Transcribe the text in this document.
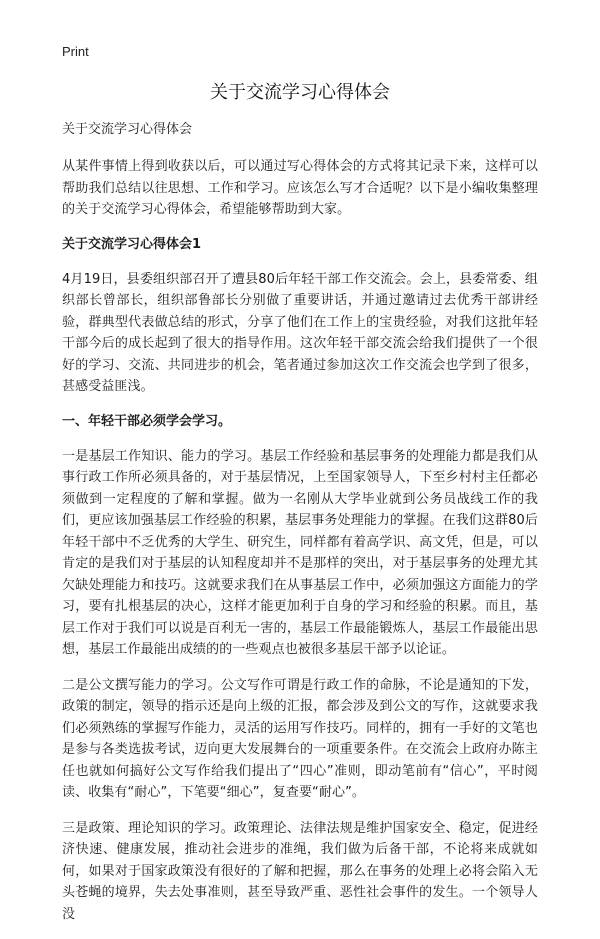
Print
关于交流学习心得体会
关于交流学习心得体会

从某件事情上得到收获以后，可以通过写心得体会的方式将其记录下来，这样可以帮助我们总结以往思想、工作和学习。应该怎么写才合适呢？以下是小编收集整理的关于交流学习心得体会，希望能够帮助到大家。

关于交流学习心得体会1

4月19日，县委组织部召开了遭县80后年轻干部工作交流会。会上，县委常委、组织部长曾部长，组织部鲁部长分别做了重要讲话，并通过邀请过去优秀干部讲经验，群典型代表做总结的形式，分享了他们在工作上的宝贵经验，对我们这批年轻干部今后的成长起到了很大的指导作用。这次年轻干部交流会给我们提供了一个很好的学习、交流、共同进步的机会，笔者通过参加这次工作交流会也学到了很多，甚感受益匪浅。

一、年轻干部必须学会学习。

一是基层工作知识、能力的学习。基层工作经验和基层事务的处理能力都是我们从事行政工作所必须具备的，对于基层情况，上至国家领导人，下至乡村村主任都必须做到一定程度的了解和掌握。做为一名刚从大学毕业就到公务员战线工作的我们，更应该加强基层工作经验的积累，基层事务处理能力的掌握。在我们这群80后年轻干部中不乏优秀的大学生、研究生，同样都有着高学识、高文凭，但是，可以肯定的是我们对于基层的认知程度却并不是那样的突出，对于基层事务的处理尤其欠缺处理能力和技巧。这就要求我们在从事基层工作中，必须加强这方面能力的学习，要有扎根基层的决心，这样才能更加利于自身的学习和经验的积累。而且，基层工作对于我们可以说是百利无一害的，基层工作最能锻炼人，基层工作最能出思想，基层工作最能出成绩的的一些观点也被很多基层干部予以论证。

二是公文撰写能力的学习。公文写作可谓是行政工作的命脉，不论是通知的下发，政策的制定，领导的指示还是向上级的汇报，都会涉及到公文的写作，这就要求我们必须熟练的掌握写作能力，灵活的运用写作技巧。同样的，拥有一手好的文笔也是参与各类选拔考试，迈向更大发展舞台的一项重要条件。在交流会上政府办陈主任也就如何搞好公文写作给我们提出了“四心”准则，即动笔前有“信心”，平时阅读、收集有“耐心”，下笔要“细心”，复查要“耐心”。

三是政策、理论知识的学习。政策理论、法律法规是维护国家安全、稳定，促进经济快速、健康发展，推动社会进步的准绳，我们做为后备干部，不论将来成就如何，如果对于国家政策没有很好的了解和把握，那么在事务的处理上必将会陷入无头苍蝇的境界，失去处事准则，甚至导致严重、恶性社会事件的发生。一个领导人没
